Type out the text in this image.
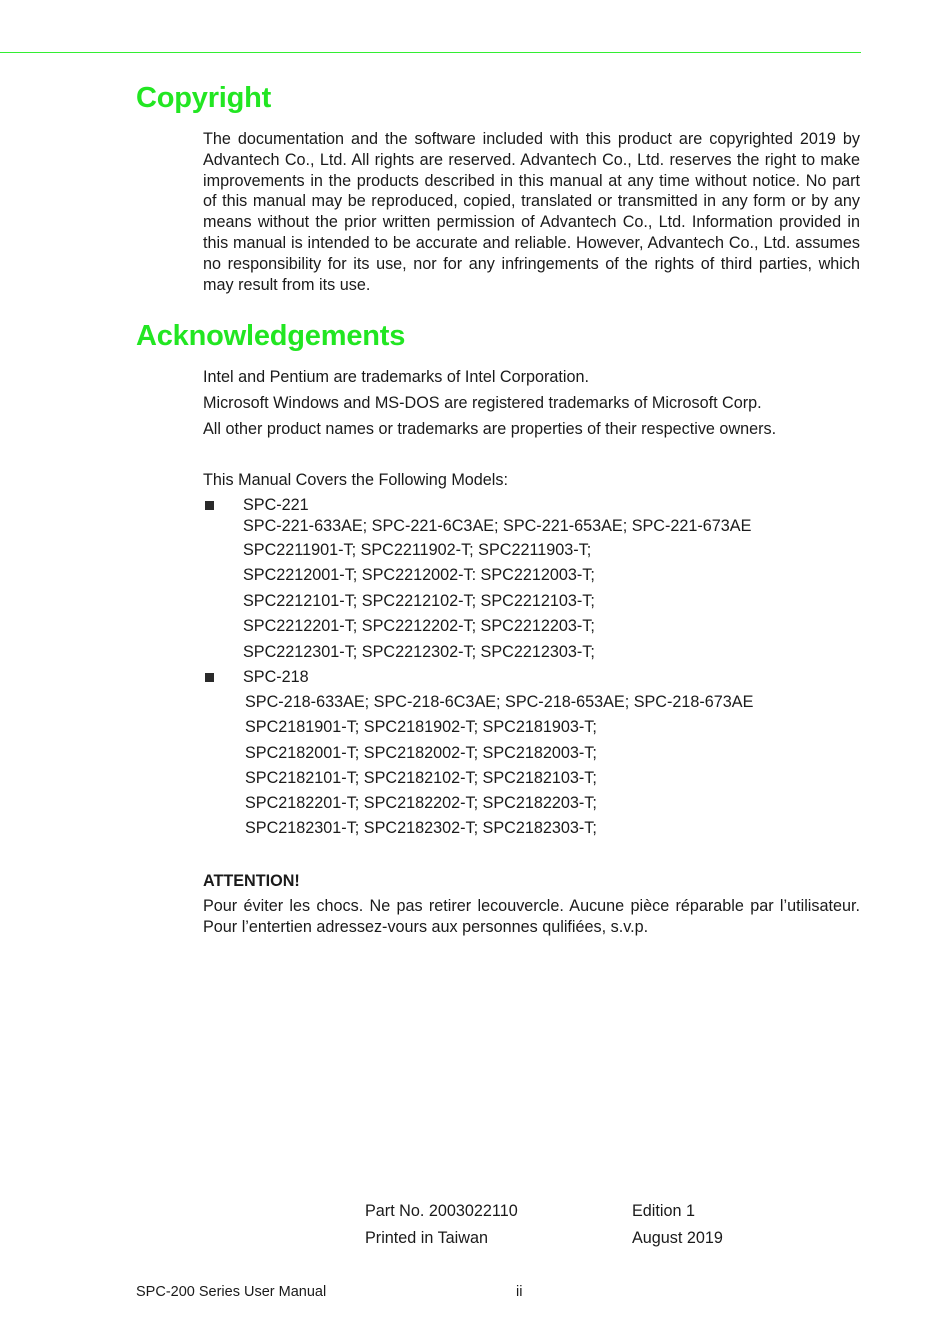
Copyright

The documentation and the software included with this product are copyrighted 2019 by Advantech Co., Ltd. All rights are reserved. Advantech Co., Ltd. reserves the right to make improvements in the products described in this manual at any time without notice. No part of this manual may be reproduced, copied, translated or transmitted in any form or by any means without the prior written permission of Advantech Co., Ltd. Information provided in this manual is intended to be accurate and reliable. However, Advantech Co., Ltd. assumes no responsibility for its use, nor for any infringements of the rights of third parties, which may result from its use.

Acknowledgements

Intel and Pentium are trademarks of Intel Corporation.

Microsoft Windows and MS-DOS are registered trademarks of Microsoft Corp.

All other product names or trademarks are properties of their respective owners.

This Manual Covers the Following Models:

SPC-221

SPC-221-633AE; SPC-221-6C3AE; SPC-221-653AE; SPC-221-673AE

SPC2211901-T; SPC2211902-T; SPC2211903-T;

SPC2212001-T; SPC2212002-T: SPC2212003-T;

SPC2212101-T; SPC2212102-T; SPC2212103-T;

SPC2212201-T; SPC2212202-T; SPC2212203-T;

SPC2212301-T; SPC2212302-T; SPC2212303-T;

SPC-218

SPC-218-633AE; SPC-218-6C3AE; SPC-218-653AE; SPC-218-673AE

SPC2181901-T; SPC2181902-T; SPC2181903-T;

SPC2182001-T; SPC2182002-T; SPC2182003-T;

SPC2182101-T; SPC2182102-T; SPC2182103-T;

SPC2182201-T; SPC2182202-T; SPC2182203-T;

SPC2182301-T; SPC2182302-T; SPC2182303-T;

ATTENTION!

Pour éviter les chocs. Ne pas retirer lecouvercle. Aucune pièce réparable par l’utilisateur. Pour l’entertien adressez-vours aux personnes qulifiées, s.v.p.

Part No. 2003022110	Edition 1

Printed in Taiwan	August 2019

SPC-200 Series User Manual	ii
